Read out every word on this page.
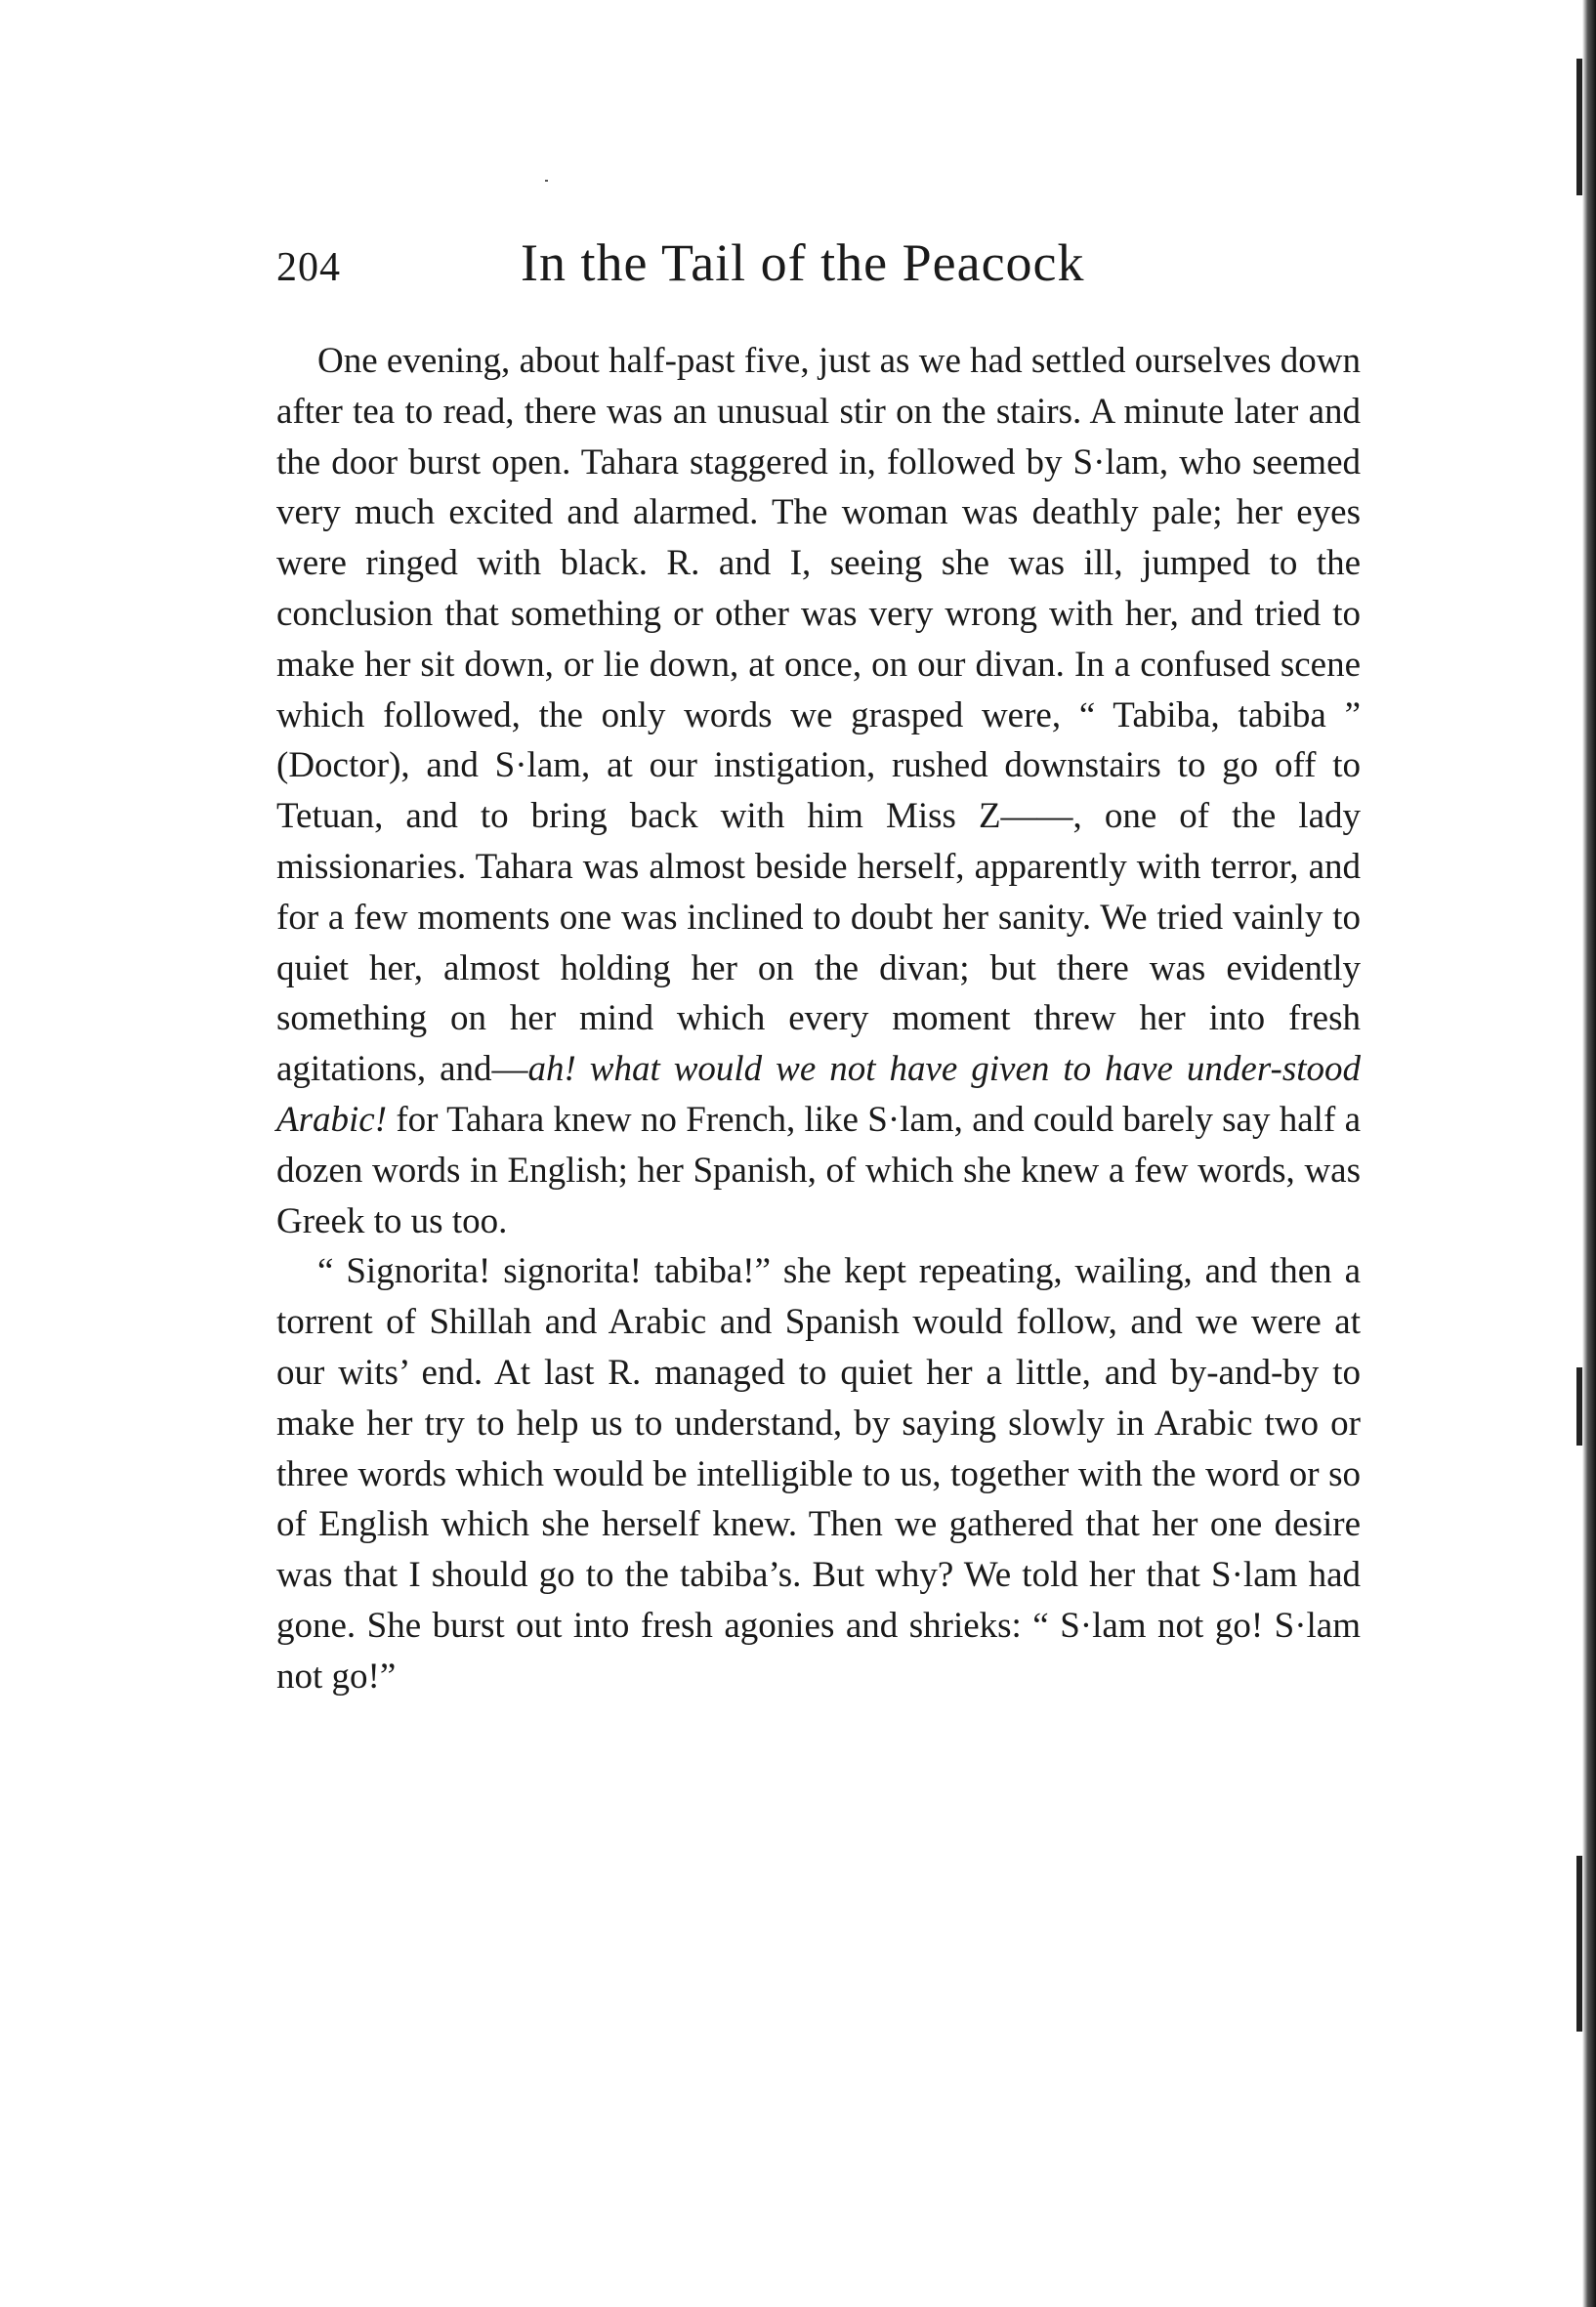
204	In the Tail of the Peacock

One evening, about half-past five, just as we had settled ourselves down after tea to read, there was an unusual stir on the stairs. A minute later and the door burst open. Tahara staggered in, followed by S·lam, who seemed very much excited and alarmed. The woman was deathly pale; her eyes were ringed with black. R. and I, seeing she was ill, jumped to the conclusion that something or other was very wrong with her, and tried to make her sit down, or lie down, at once, on our divan. In a confused scene which followed, the only words we grasped were, “ Tabiba, tabiba ” (Doctor), and S·lam, at our instigation, rushed downstairs to go off to Tetuan, and to bring back with him Miss Z——, one of the lady missionaries. Tahara was almost beside herself, apparently with terror, and for a few moments one was inclined to doubt her sanity. We tried vainly to quiet her, almost holding her on the divan; but there was evidently something on her mind which every moment threw her into fresh agitations, and—ah! what would we not have given to have under-stood Arabic! for Tahara knew no French, like S·lam, and could barely say half a dozen words in English; her Spanish, of which she knew a few words, was Greek to us too.

“ Signorita! signorita! tabiba!” she kept repeating, wailing, and then a torrent of Shillah and Arabic and Spanish would follow, and we were at our wits’ end. At last R. managed to quiet her a little, and by-and-by to make her try to help us to understand, by saying slowly in Arabic two or three words which would be intelligible to us, together with the word or so of English which she herself knew. Then we gathered that her one desire was that I should go to the tabiba’s. But why? We told her that S·lam had gone. She burst out into fresh agonies and shrieks: “ S·lam not go! S·lam not go!”
